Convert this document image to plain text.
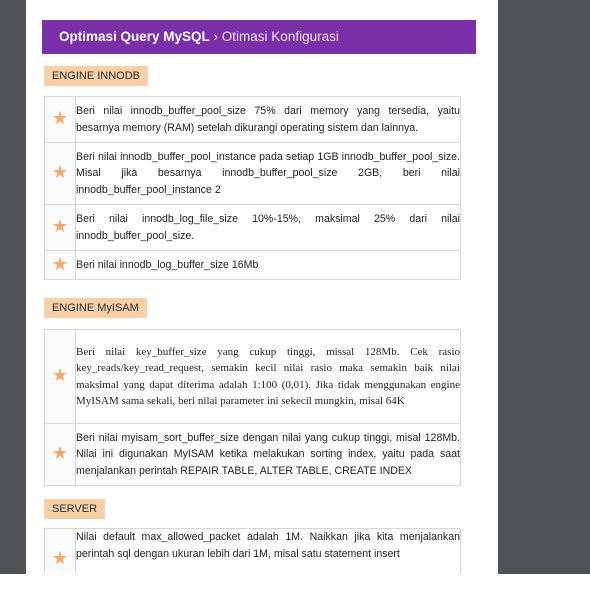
Optimasi Query MySQL › Otimasi Konfigurasi
ENGINE INNODB
★	Beri nilai innodb_buffer_pool_size 75% dari memory yang tersedia, yaitu besarnya memory (RAM) setelah dikurangi operating sistem dan lainnya.
★	Beri nilai innodb_buffer_pool_instance pada setiap 1GB innodb_buffer_pool_size. Misal jika besarnya innodb_buffer_pool_size 2GB, beri nilai innodb_buffer_pool_instance 2
★	Beri nilai innodb_log_file_size 10%-15%, maksimal 25% dari nilai innodb_buffer_pool_size.
★	Beri nilai innodb_log_buffer_size 16Mb
ENGINE MyISAM
★	Beri nilai key_buffer_size yang cukup tinggi, missal 128Mb. Cek rasio key_reads/key_read_request, semakin kecil nilai rasio maka semakin baik nilai maksimal yang dapat diterima adalah 1:100 (0,01). Jika tidak menggunakan engine MyISAM sama sekali, beri nilai parameter ini sekecil mungkin, misal 64K
★	Beri nilai myisam_sort_buffer_size dengan nilai yang cukup tinggi, misal 128Mb. Nilai ini digunakan MyISAM ketika melakukan sorting index, yaitu pada saat menjalankan perintah REPAIR TABLE, ALTER TABLE, CREATE INDEX
SERVER
★	Nilai default max_allowed_packet adalah 1M. Naikkan jika kita menjalankan perintah sql dengan ukuran lebih dari 1M, misal satu statement insert
